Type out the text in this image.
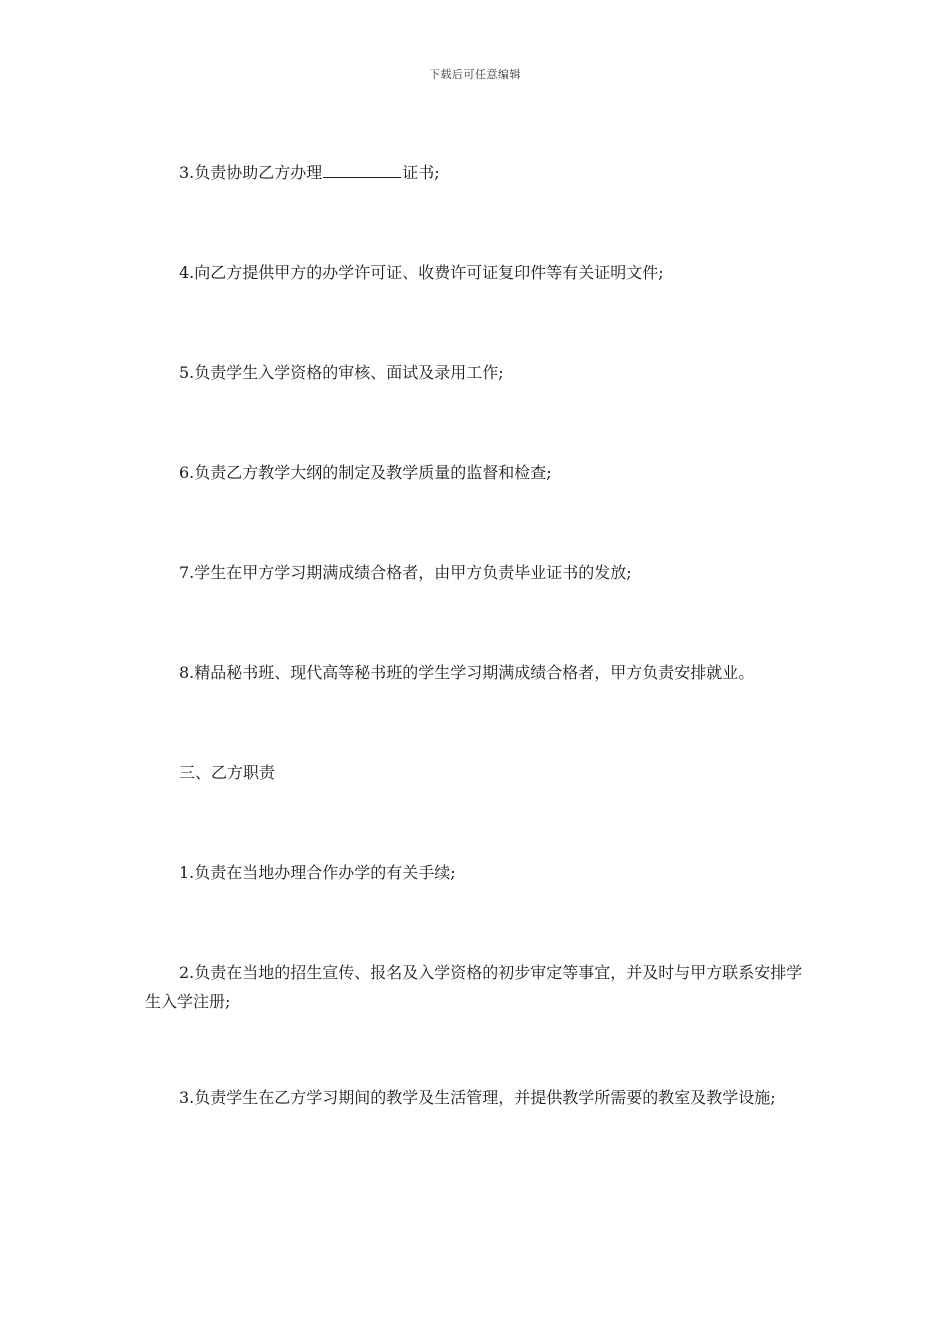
下载后可任意编辑

3.负责协助乙方办理	证书;

4.向乙方提供甲方的办学许可证、收费许可证复印件等有关证明文件;

5.负责学生入学资格的审核、面试及录用工作;

6.负责乙方教学大纲的制定及教学质量的监督和检查;

7.学生在甲方学习期满成绩合格者，由甲方负责毕业证书的发放;

8.精品秘书班、现代高等秘书班的学生学习期满成绩合格者，甲方负责安排就业。

三、乙方职责

1.负责在当地办理合作办学的有关手续;

2.负责在当地的招生宣传、报名及入学资格的初步审定等事宜，并及时与甲方联系安排学生入学注册;

3.负责学生在乙方学习期间的教学及生活管理，并提供教学所需要的教室及教学设施;
